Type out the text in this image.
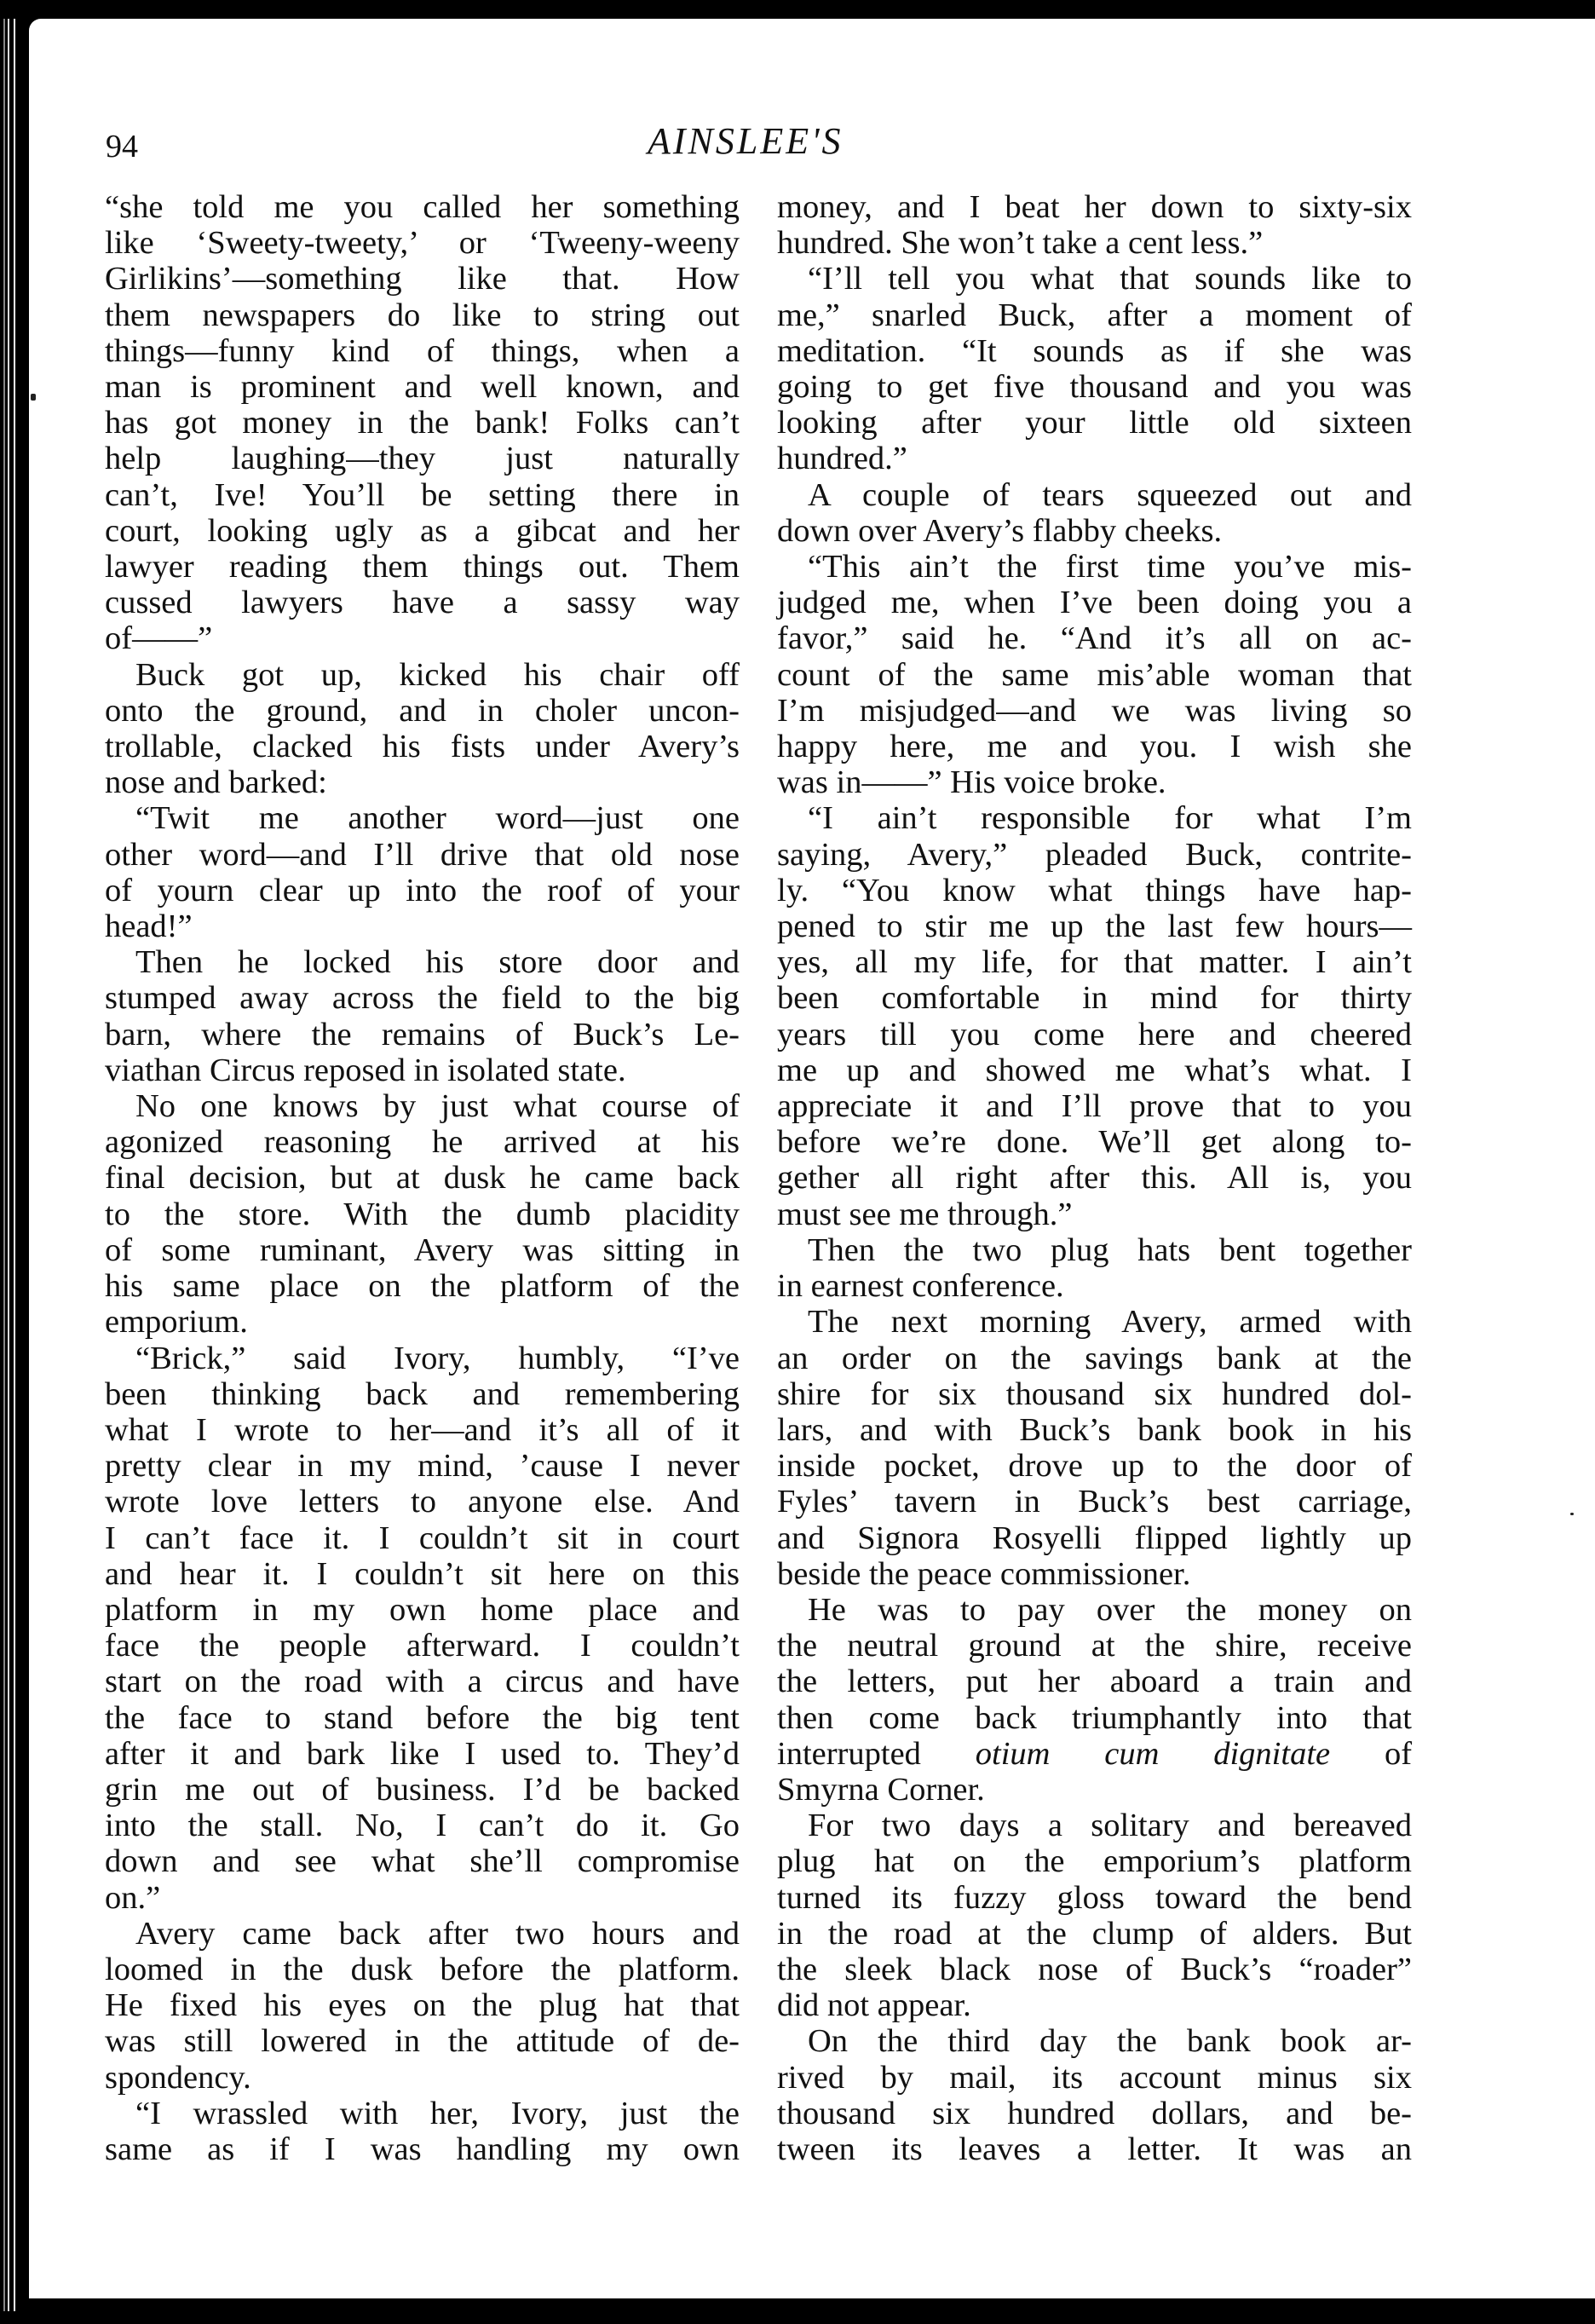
94	AINSLEE'S
“she told me you called her something
like ‘Sweety-tweety,’ or ‘Tweeny-weeny
Girlikins’—something like that. How
them newspapers do like to string out
things—funny kind of things, when a
man is prominent and well known, and
has got money in the bank! Folks can’t
help laughing—they just naturally
can’t, Ive! You’ll be setting there in
court, looking ugly as a gibcat and her
lawyer reading them things out. Them
cussed lawyers have a sassy way
of——”
Buck got up, kicked his chair off
onto the ground, and in choler uncon-
trollable, clacked his fists under Avery’s
nose and barked:
“Twit me another word—just one
other word—and I’ll drive that old nose
of yourn clear up into the roof of your
head!”
Then he locked his store door and
stumped away across the field to the big
barn, where the remains of Buck’s Le-
viathan Circus reposed in isolated state.
No one knows by just what course of
agonized reasoning he arrived at his
final decision, but at dusk he came back
to the store. With the dumb placidity
of some ruminant, Avery was sitting in
his same place on the platform of the
emporium.
“Brick,” said Ivory, humbly, “I’ve
been thinking back and remembering
what I wrote to her—and it’s all of it
pretty clear in my mind, ’cause I never
wrote love letters to anyone else. And
I can’t face it. I couldn’t sit in court
and hear it. I couldn’t sit here on this
platform in my own home place and
face the people afterward. I couldn’t
start on the road with a circus and have
the face to stand before the big tent
after it and bark like I used to. They’d
grin me out of business. I’d be backed
into the stall. No, I can’t do it. Go
down and see what she’ll compromise
on.”
Avery came back after two hours and
loomed in the dusk before the platform.
He fixed his eyes on the plug hat that
was still lowered in the attitude of de-
spondency.
“I wrassled with her, Ivory, just the
same as if I was handling my own
money, and I beat her down to sixty-six
hundred. She won’t take a cent less.”
“I’ll tell you what that sounds like to
me,” snarled Buck, after a moment of
meditation. “It sounds as if she was
going to get five thousand and you was
looking after your little old sixteen
hundred.”
A couple of tears squeezed out and
down over Avery’s flabby cheeks.
“This ain’t the first time you’ve mis-
judged me, when I’ve been doing you a
favor,” said he. “And it’s all on ac-
count of the same mis’able woman that
I’m misjudged—and we was living so
happy here, me and you. I wish she
was in——” His voice broke.
“I ain’t responsible for what I’m
saying, Avery,” pleaded Buck, contrite-
ly. “You know what things have hap-
pened to stir me up the last few hours—
yes, all my life, for that matter. I ain’t
been comfortable in mind for thirty
years till you come here and cheered
me up and showed me what’s what. I
appreciate it and I’ll prove that to you
before we’re done. We’ll get along to-
gether all right after this. All is, you
must see me through.”
Then the two plug hats bent together
in earnest conference.
The next morning Avery, armed with
an order on the savings bank at the
shire for six thousand six hundred dol-
lars, and with Buck’s bank book in his
inside pocket, drove up to the door of
Fyles’ tavern in Buck’s best carriage,
and Signora Rosyelli flipped lightly up
beside the peace commissioner.
He was to pay over the money on
the neutral ground at the shire, receive
the letters, put her aboard a train and
then come back triumphantly into that
interrupted otium cum dignitate of
Smyrna Corner.
For two days a solitary and bereaved
plug hat on the emporium’s platform
turned its fuzzy gloss toward the bend
in the road at the clump of alders. But
the sleek black nose of Buck’s “roader”
did not appear.
On the third day the bank book ar-
rived by mail, its account minus six
thousand six hundred dollars, and be-
tween its leaves a letter. It was an
